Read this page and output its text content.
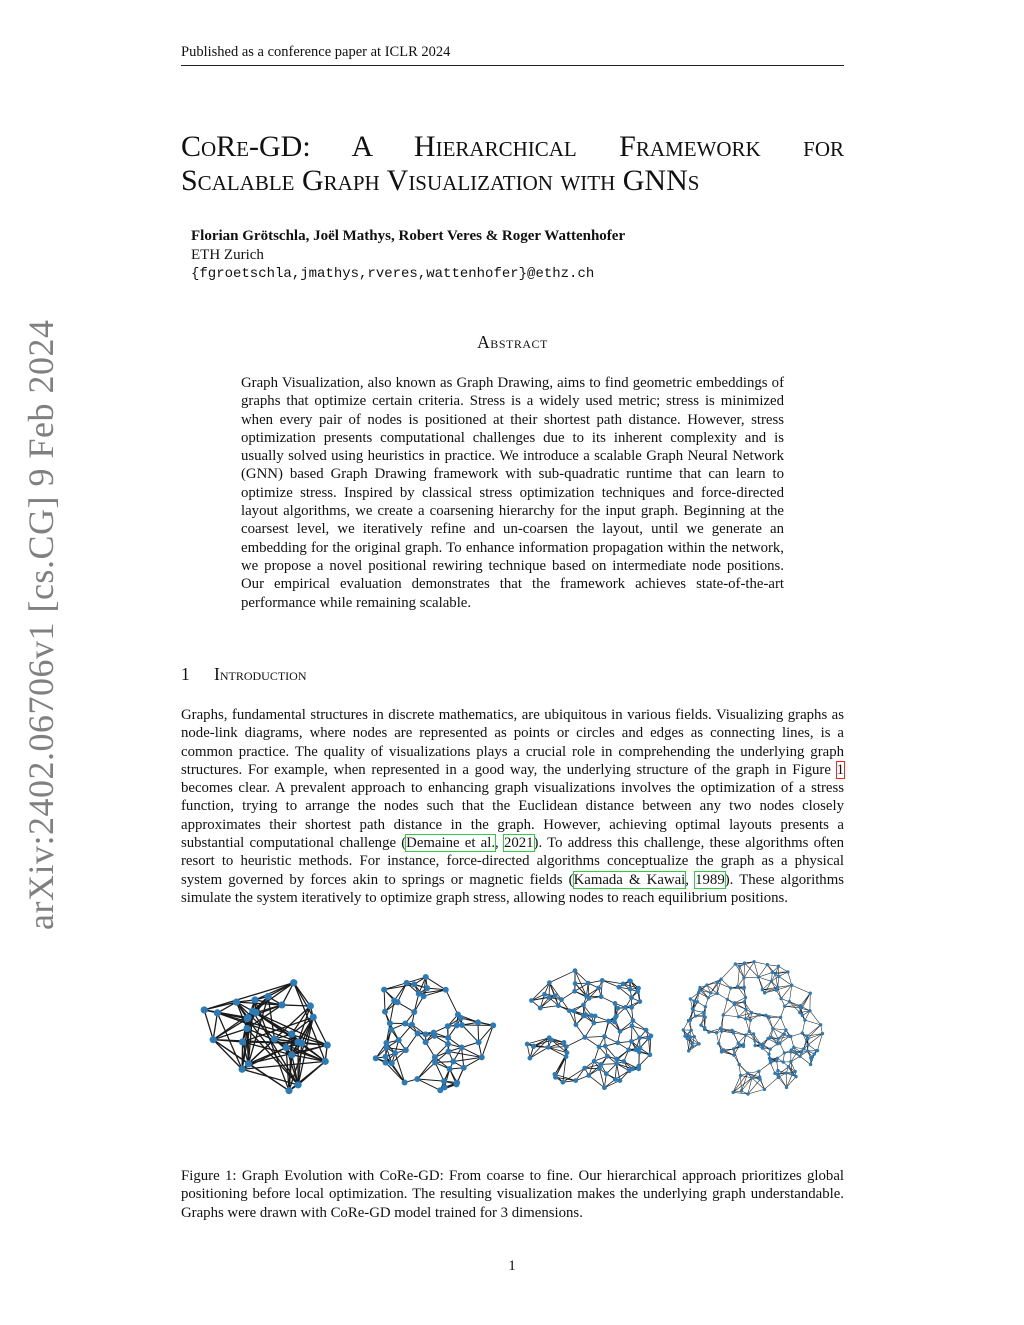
Published as a conference paper at ICLR 2024
arXiv:2402.06706v1 [cs.CG] 9 Feb 2024
CoRe-GD: A Hierarchical Framework for
Scalable Graph Visualization with GNNs
Florian Grötschla, Joël Mathys, Robert Veres & Roger Wattenhofer
ETH Zurich
{fgroetschla,jmathys,rveres,wattenhofer}@ethz.ch
Abstract
Graph Visualization, also known as Graph Drawing, aims to find geometric embeddings of graphs that optimize certain criteria. Stress is a widely used metric; stress is minimized when every pair of nodes is positioned at their shortest path distance. However, stress optimization presents computational challenges due to its inherent complexity and is usually solved using heuristics in practice. We introduce a scalable Graph Neural Network (GNN) based Graph Drawing framework with sub-quadratic runtime that can learn to optimize stress. Inspired by classical stress optimization techniques and force-directed layout algorithms, we create a coarsening hierarchy for the input graph. Beginning at the coarsest level, we iteratively refine and un-coarsen the layout, until we generate an embedding for the original graph. To enhance information propagation within the network, we propose a novel positional rewiring technique based on intermediate node positions. Our empirical evaluation demonstrates that the framework achieves state-of-the-art performance while remaining scalable.
1 Introduction
Graphs, fundamental structures in discrete mathematics, are ubiquitous in various fields. Visualizing graphs as node-link diagrams, where nodes are represented as points or circles and edges as connecting lines, is a common practice. The quality of visualizations plays a crucial role in comprehending the underlying graph structures. For example, when represented in a good way, the underlying structure of the graph in Figure 1 becomes clear. A prevalent approach to enhancing graph visualizations involves the optimization of a stress function, trying to arrange the nodes such that the Euclidean distance between any two nodes closely approximates their shortest path distance in the graph. However, achieving optimal layouts presents a substantial computational challenge (Demaine et al., 2021). To address this challenge, these algorithms often resort to heuristic methods. For instance, force-directed algorithms conceptualize the graph as a physical system governed by forces akin to springs or magnetic fields (Kamada & Kawai, 1989). These algorithms simulate the system iteratively to optimize graph stress, allowing nodes to reach equilibrium positions.
Figure 1: Graph Evolution with CoRe-GD: From coarse to fine. Our hierarchical approach prioritizes global positioning before local optimization. The resulting visualization makes the underlying graph understandable. Graphs were drawn with CoRe-GD model trained for 3 dimensions.
1
